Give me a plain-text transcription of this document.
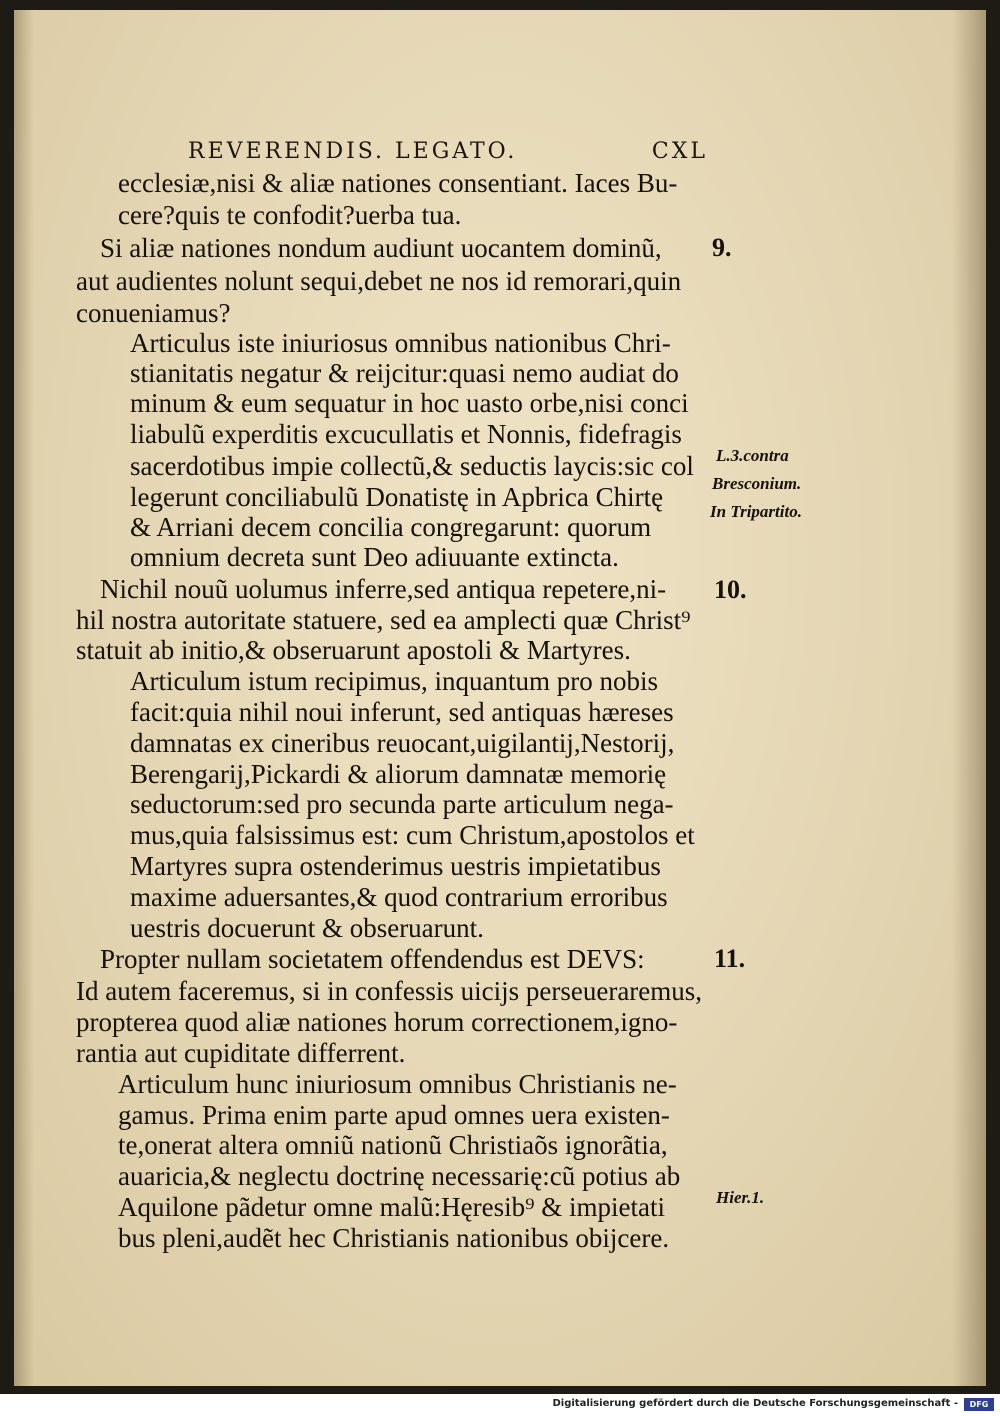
REVERENDIS. LEGATO.	CXL
ecclesiæ,nisi & aliæ nationes consentiant. Iaces Bu-
cere?quis te confodit?uerba tua.
Si aliæ nationes nondum audiunt uocantem dominũ,
aut audientes nolunt sequi,debet ne nos id remorari,quin
conueniamus?
Articulus iste iniuriosus omnibus nationibus Chri-
stianitatis negatur & reijcitur:quasi nemo audiat do
minum & eum sequatur in hoc uasto orbe,nisi conci
liabulũ experditis excucullatis et Nonnis, fidefragis
sacerdotibus impie collectũ,& seductis laycis:sic col
legerunt conciliabulũ Donatistę in Apbrica Chirtę
& Arriani decem concilia congregarunt: quorum
omnium decreta sunt Deo adiuuante extincta.
Nichil nouũ uolumus inferre,sed antiqua repetere,ni-
hil nostra autoritate statuere, sed ea amplecti quæ Christ⁹
statuit ab initio,& obseruarunt apostoli & Martyres.
Articulum istum recipimus, inquantum pro nobis
facit:quia nihil noui inferunt, sed antiquas hæreses
damnatas ex cineribus reuocant,uigilantij,Nestorij,
Berengarij,Pickardi & aliorum damnatæ memorię
seductorum:sed pro secunda parte articulum nega-
mus,quia falsissimus est: cum Christum,apostolos et
Martyres supra ostenderimus uestris impietatibus
maxime aduersantes,& quod contrarium erroribus
uestris docuerunt & obseruarunt.
Propter nullam societatem offendendus est DEVS:
Id autem faceremus, si in confessis uicijs perseueraremus,
propterea quod aliæ nationes horum correctionem,igno-
rantia aut cupiditate differrent.
Articulum hunc iniuriosum omnibus Christianis ne-
gamus. Prima enim parte apud omnes uera existen-
te,onerat altera omniũ nationũ Christiaõs ignorãtia,
auaricia,& neglectu doctrinę necessarię:cũ potius ab
Aquilone pãdetur omne malũ:Hęresib⁹ & impietati
bus pleni,audẽt hec Christianis nationibus obijcere.
9.
10.
11.
L.3.contra
Bresconium.
In Tripartito.
Hier.1.
Digitalisierung gefördert durch die Deutsche Forschungsgemeinschaft -	DFG
